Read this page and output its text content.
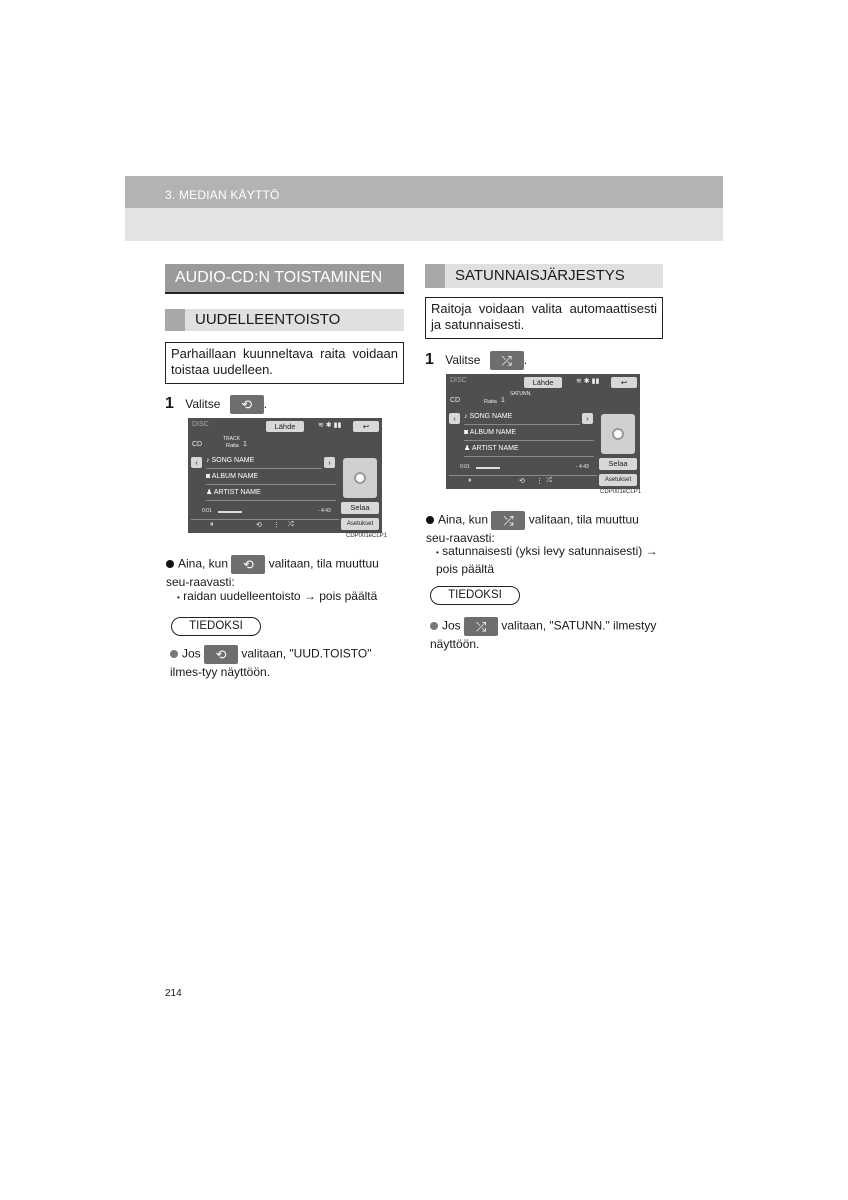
3. MEDIAN KÄYTTÖ
AUDIO-CD:N TOISTAMINEN
UUDELLEENTOISTO
Parhaillaan kuunneltava raita voidaan toistaa uudelleen.
1 Valitse ⟲ .
DISC	Lähde	≋ ✱ ▮▮	↩
CD
TRACK
Raita 1
‹	›
♪ SONG NAME
◙ ALBUM NAME
♟ ARTIST NAME
0:01	- 4:43	Selaa
Asetukset
⏸	⟲ ⋮ ⤮
CDP001eCLP1
Aina, kun ⟲ valitaan, tila muuttuu seu-raavasti:
• raidan uudelleentoisto → pois päältä
TIEDOKSI
Jos ⟲ valitaan, "UUD.TOISTO" ilmes-tyy näyttöön.
SATUNNAISJÄRJESTYS
Raitoja voidaan valita automaattisesti ja satunnaisesti.
1 Valitse ⤮ .
DISC	Lähde	≋ ✱ ▮▮	↩
CD
SATUNN.
Raita 1
‹	›
♪ SONG NAME
◙ ALBUM NAME
♟ ARTIST NAME
0:01	- 4:43	Selaa
Asetukset
⏸	⟲ ⋮ ⤮
CDP001eCLP1
Aina, kun ⤮ valitaan, tila muuttuu seu-raavasti:
• satunnaisesti (yksi levy satunnaisesti) → pois päältä
TIEDOKSI
Jos ⤮ valitaan, "SATUNN." ilmestyy näyttöön.
214
